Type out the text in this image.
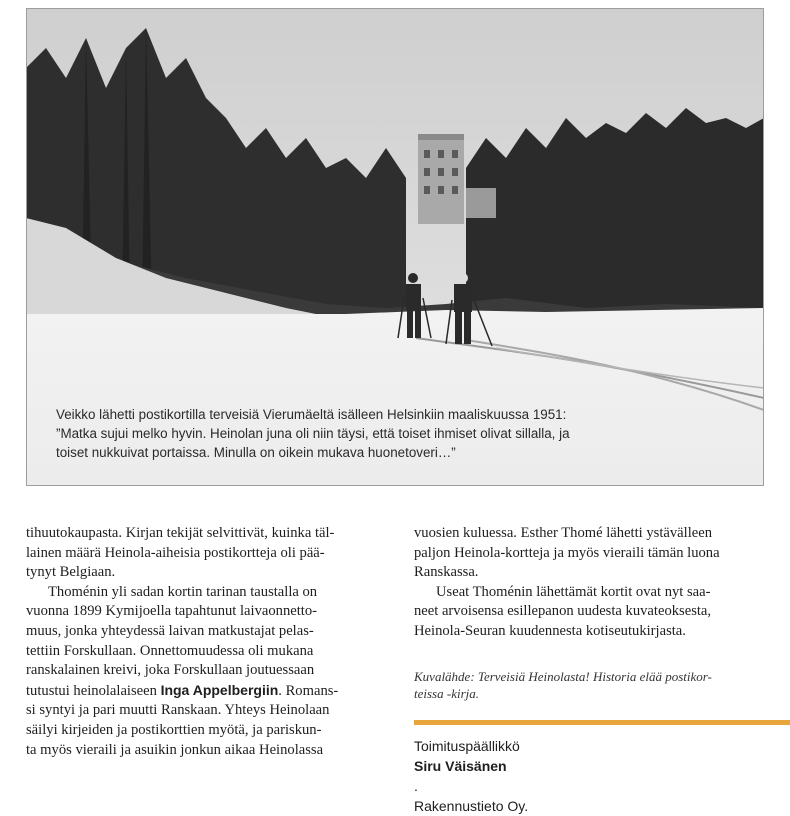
Veikko lähetti postikortilla terveisiä Vierumäeltä isälleen Helsinkiin maaliskuussa 1951:
”Matka sujui melko hyvin. Heinolan juna oli niin täysi, että toiset ihmiset olivat sillalla, ja
toiset nukkuivat portaissa. Minulla on oikein mukava huonetoveri…”

tihuutokaupasta. Kirjan tekijät selvittivät, kuinka täl-
lainen määrä Heinola-aiheisia postikortteja oli pää-
tynyt Belgiaan.

Thoménin yli sadan kortin tarinan taustalla on
vuonna 1899 Kymijoella tapahtunut laivaonnetto-
muus, jonka yhteydessä laivan matkustajat pelas-
tettiin Forskullaan. Onnettomuudessa oli mukana
ranskalainen kreivi, joka Forskullaan joutuessaan
tutustui heinolalaiseen Inga Appelbergiin. Romans-
si syntyi ja pari muutti Ranskaan. Yhteys Heinolaan
säilyi kirjeiden ja postikorttien myötä, ja pariskun-
ta myös vieraili ja asuikin jonkun aikaa Heinolassa

vuosien kuluessa. Esther Thomé lähetti ystävälleen
paljon Heinola-kortteja ja myös vieraili tämän luona
Ranskassa.

Useat Thoménin lähettämät kortit ovat nyt saa-
neet arvoisensa esillepanon uudesta kuvateoksesta,
Heinola-Seuran kuudennesta kotiseutukirjasta.

Kuvalähde: Terveisiä Heinolasta! Historia elää postikor-
teissa -kirja.
Toimituspäällikkö
Siru Väisänen
.
Rakennustieto Oy.
